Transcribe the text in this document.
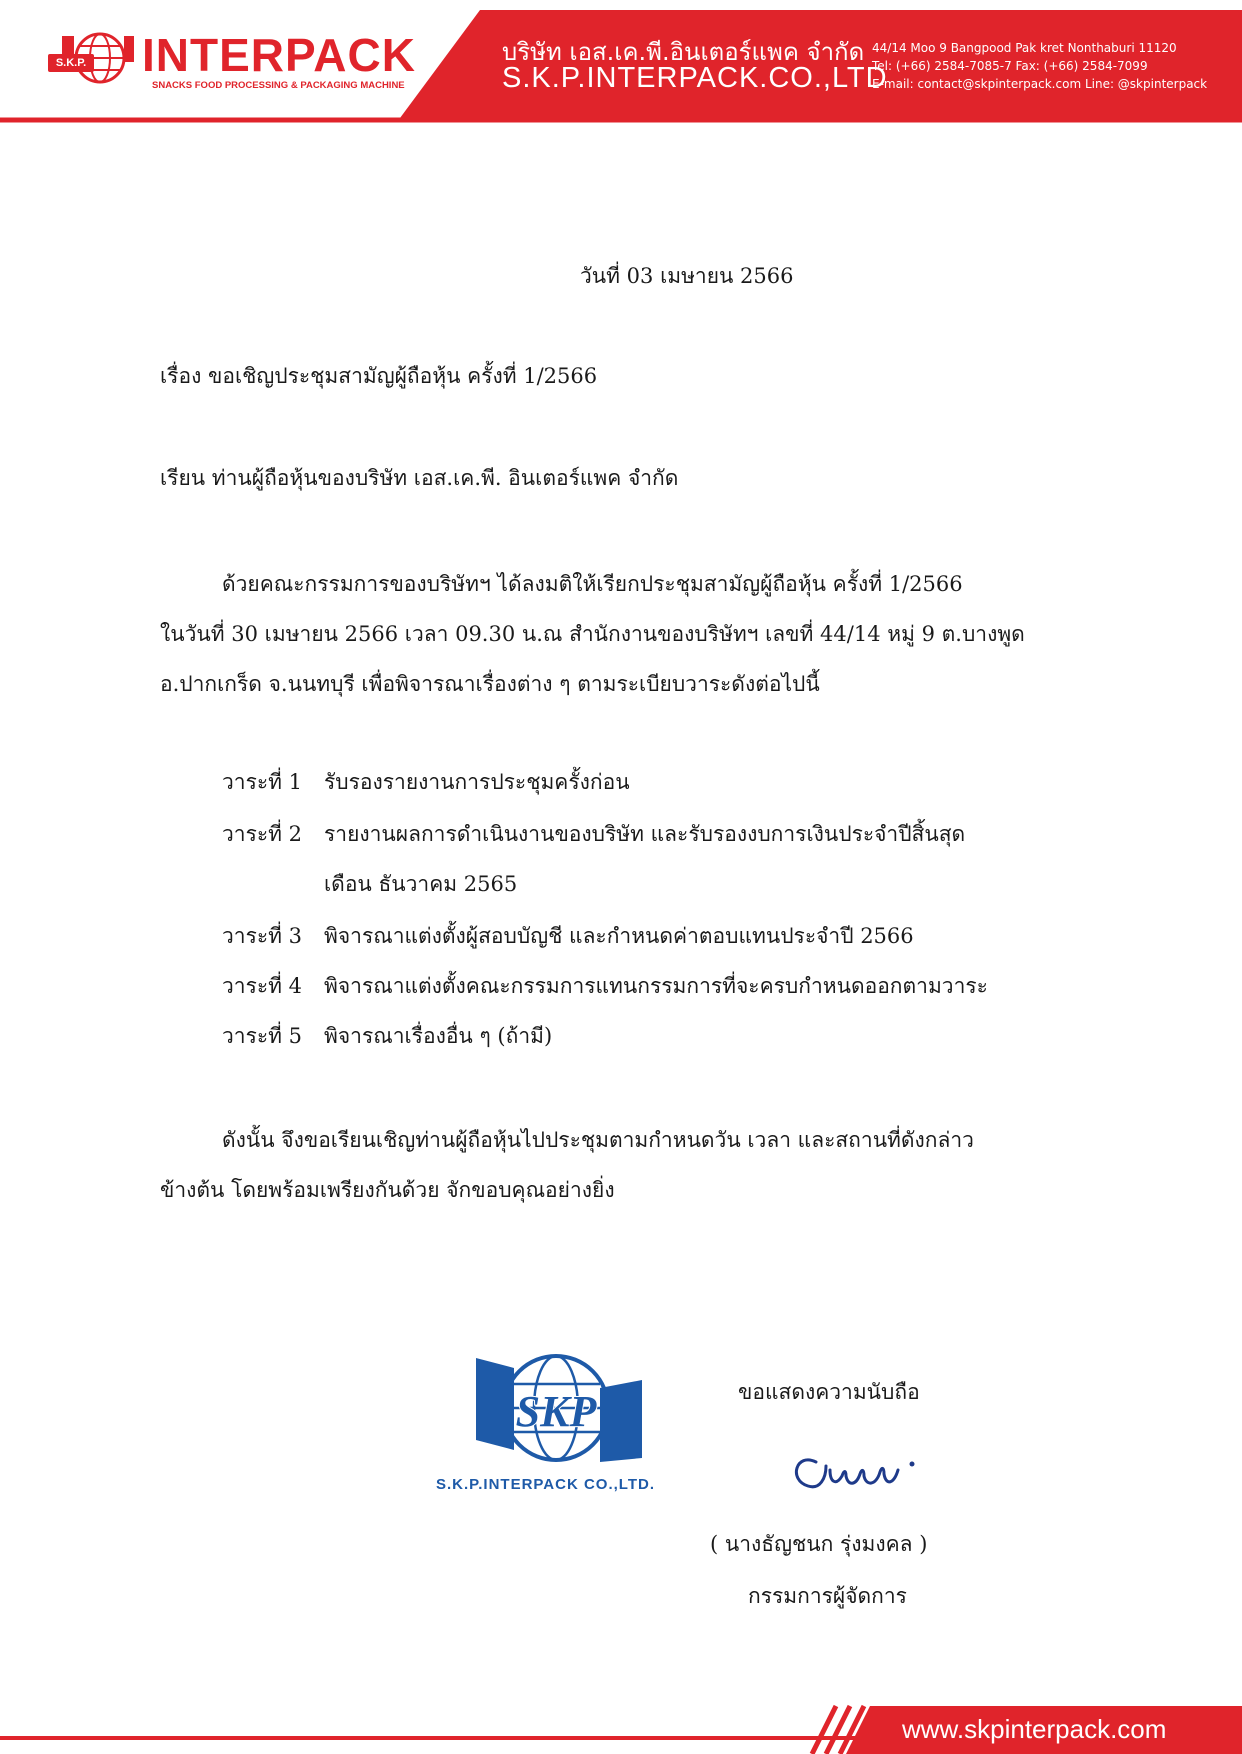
S.K.P. INTERPACK
SNACKS FOOD PROCESSING & PACKAGING MACHINE
บริษัท เอส.เค.พี.อินเตอร์แพค จำกัด
S.K.P.INTERPACK.CO.,LTD
44/14 Moo 9 Bangpood Pak kret Nonthaburi 11120
Tel: (+66) 2584-7085-7 Fax: (+66) 2584-7099
E-mail: contact@skpinterpack.com Line: @skpinterpack
วันที่ 03 เมษายน 2566
เรื่อง ขอเชิญประชุมสามัญผู้ถือหุ้น ครั้งที่ 1/2566
เรียน ท่านผู้ถือหุ้นของบริษัท เอส.เค.พี. อินเตอร์แพค จำกัด
ด้วยคณะกรรมการของบริษัทฯ ได้ลงมติให้เรียกประชุมสามัญผู้ถือหุ้น ครั้งที่ 1/2566
ในวันที่ 30 เมษายน 2566 เวลา 09.30 น.ณ สำนักงานของบริษัทฯ เลขที่ 44/14 หมู่ 9 ต.บางพูด
อ.ปากเกร็ด จ.นนทบุรี เพื่อพิจารณาเรื่องต่าง ๆ ตามระเบียบวาระดังต่อไปนี้
วาระที่ 1 รับรองรายงานการประชุมครั้งก่อน
วาระที่ 2 รายงานผลการดำเนินงานของบริษัท และรับรองงบการเงินประจำปีสิ้นสุด
เดือน ธันวาคม 2565
วาระที่ 3 พิจารณาแต่งตั้งผู้สอบบัญชี และกำหนดค่าตอบแทนประจำปี 2566
วาระที่ 4 พิจารณาแต่งตั้งคณะกรรมการแทนกรรมการที่จะครบกำหนดออกตามวาระ
วาระที่ 5 พิจารณาเรื่องอื่น ๆ (ถ้ามี)
ดังนั้น จึงขอเรียนเชิญท่านผู้ถือหุ้นไปประชุมตามกำหนดวัน เวลา และสถานที่ดังกล่าว
ข้างต้น โดยพร้อมเพรียงกันด้วย จักขอบคุณอย่างยิ่ง
ขอแสดงความนับถือ
( นางธัญชนก รุ่งมงคล )
กรรมการผู้จัดการ
SKP
S.K.P.INTERPACK CO.,LTD.
www.skpinterpack.com
